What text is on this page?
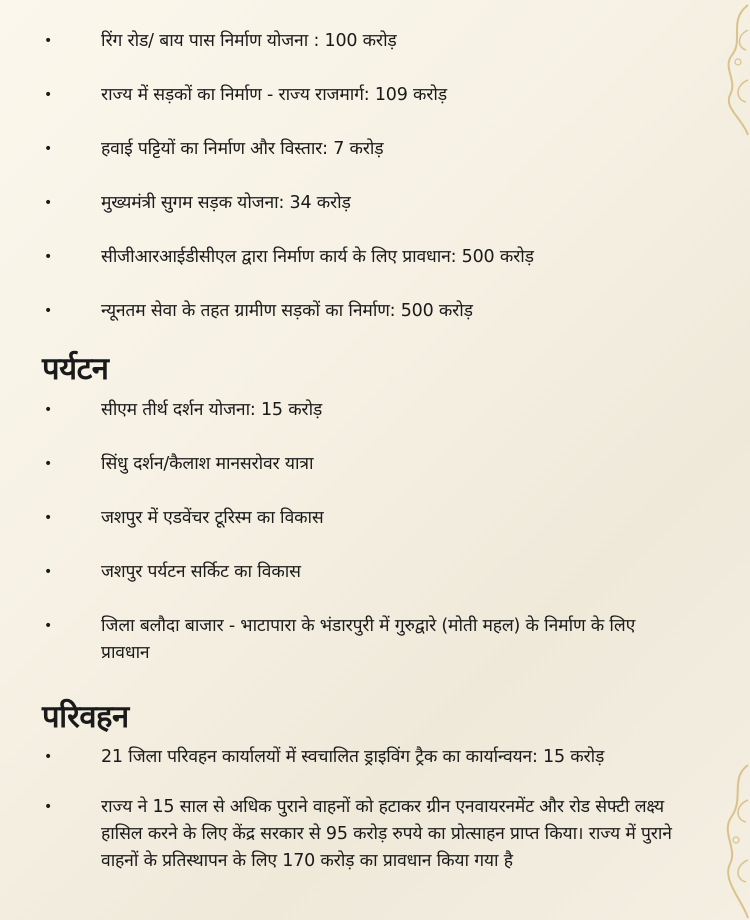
•	रिंग रोड/ बाय पास निर्माण योजना : 100 करोड़
•	राज्य में सड़कों का निर्माण - राज्य राजमार्ग: 109 करोड़
•	हवाई पट्टियों का निर्माण और विस्तार: 7 करोड़
•	मुख्यमंत्री सुगम सड़क योजना: 34 करोड़
•	सीजीआरआईडीसीएल द्वारा निर्माण कार्य के लिए प्रावधान: 500 करोड़
•	न्यूनतम सेवा के तहत ग्रामीण सड़कों का निर्माण: 500 करोड़
पर्यटन
•	सीएम तीर्थ दर्शन योजना: 15 करोड़
•	सिंधु दर्शन/कैलाश मानसरोवर यात्रा
•	जशपुर में एडवेंचर टूरिस्म का विकास
•	जशपुर पर्यटन सर्किट का विकास
•	जिला बलौदा बाजार - भाटापारा के भंडारपुरी में गुरुद्वारे (मोती महल) के निर्माण के लिए प्रावधान
परिवहन
•	21 जिला परिवहन कार्यालयों में स्वचालित ड्राइविंग ट्रैक का कार्यान्वयन: 15 करोड़
•	राज्य ने 15 साल से अधिक पुराने वाहनों को हटाकर ग्रीन एनवायरनमेंट और रोड सेफ्टी लक्ष्य हासिल करने के लिए केंद्र सरकार से 95 करोड़ रुपये का प्रोत्साहन प्राप्त किया। राज्य में पुराने वाहनों के प्रतिस्थापन के लिए 170 करोड़ का प्रावधान किया गया है
